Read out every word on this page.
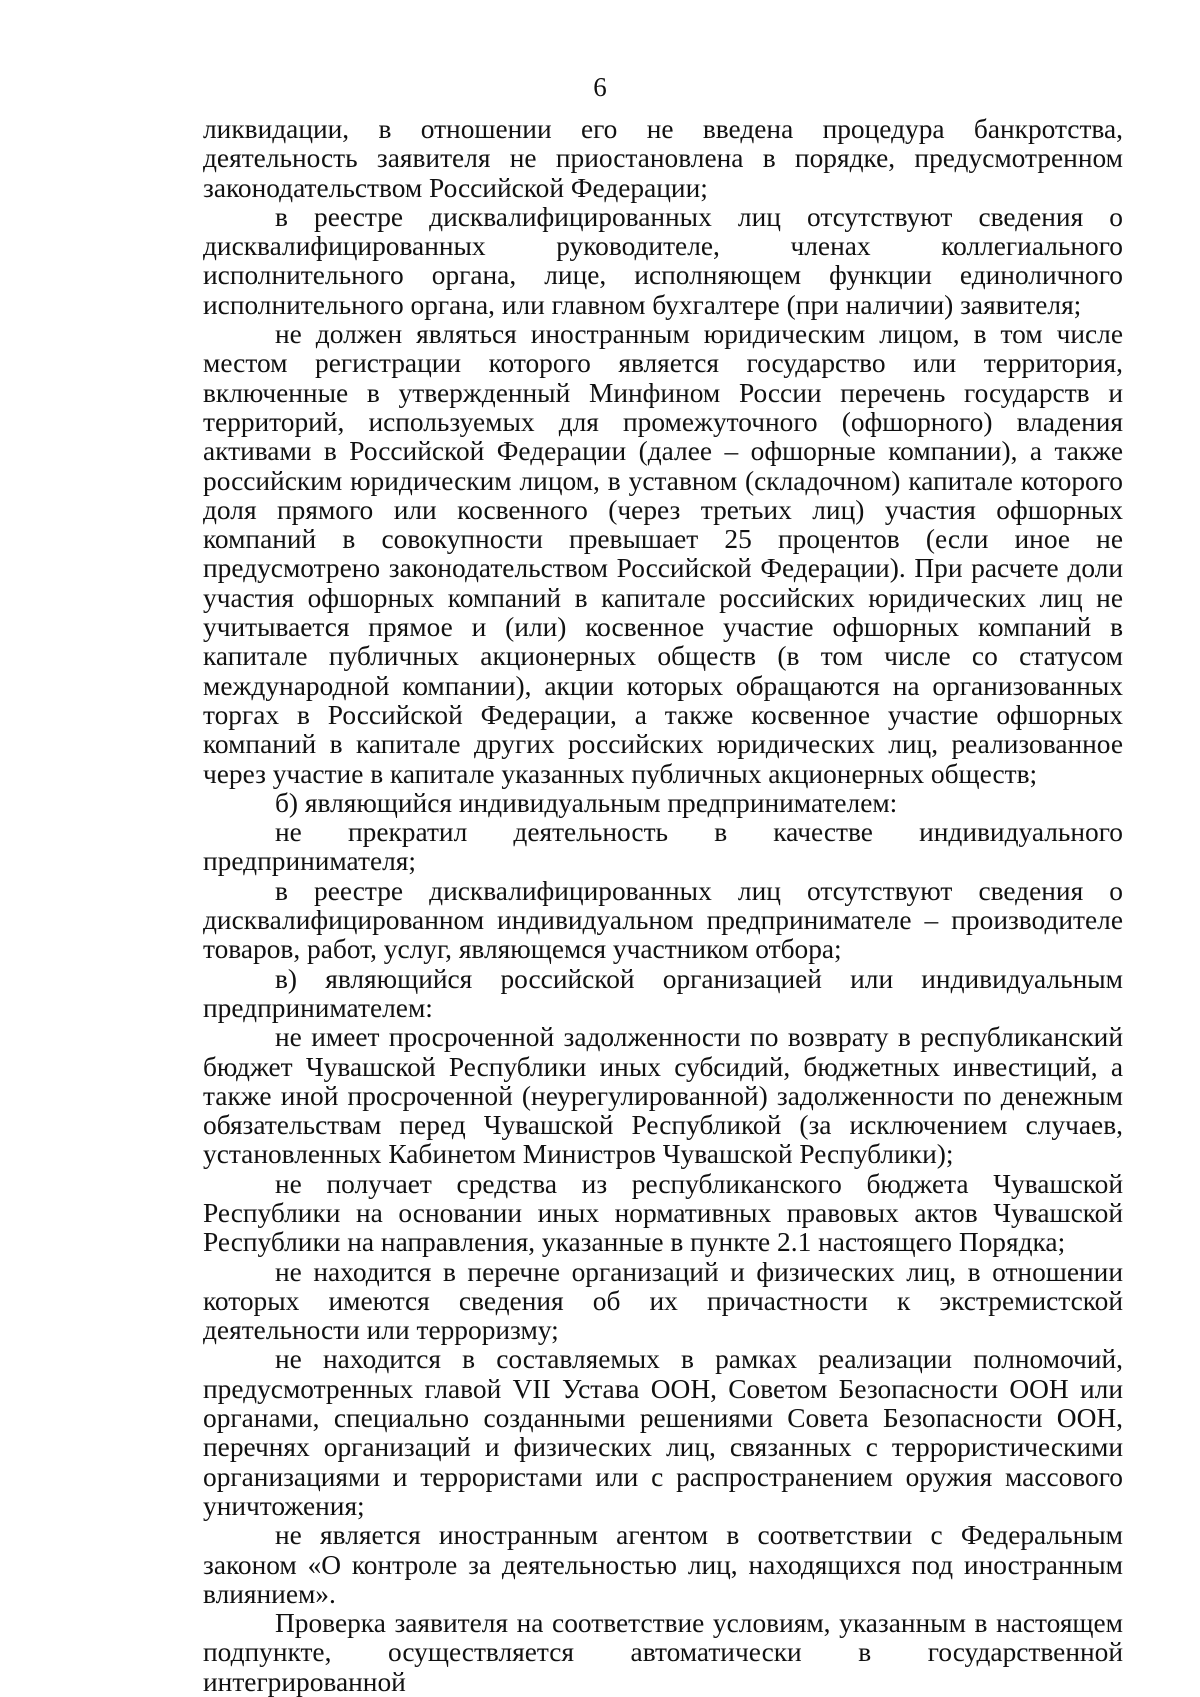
6

ликвидации, в отношении его не введена процедура банкротства, деятельность заявителя не приостановлена в порядке, предусмотренном законодательством Российской Федерации;

в реестре дисквалифицированных лиц отсутствуют сведения о дисквалифицированных руководителе, членах коллегиального исполнительного органа, лице, исполняющем функции единоличного исполнительного органа, или главном бухгалтере (при наличии) заявителя;

не должен являться иностранным юридическим лицом, в том числе местом регистрации которого является государство или территория, включенные в утвержденный Минфином России перечень государств и территорий, используемых для промежуточного (офшорного) владения активами в Российской Федерации (далее – офшорные компании), а также российским юридическим лицом, в уставном (складочном) капитале которого доля прямого или косвенного (через третьих лиц) участия офшорных компаний в совокупности превышает 25 процентов (если иное не предусмотрено законодательством Российской Федерации). При расчете доли участия офшорных компаний в капитале российских юридических лиц не учитывается прямое и (или) косвенное участие офшорных компаний в капитале публичных акционерных обществ (в том числе со статусом международной компании), акции которых обращаются на организованных торгах в Российской Федерации, а также косвенное участие офшорных компаний в капитале других российских юридических лиц, реализованное через участие в капитале указанных публичных акционерных обществ;

б) являющийся индивидуальным предпринимателем:

не прекратил деятельность в качестве индивидуального предпринимателя;

в реестре дисквалифицированных лиц отсутствуют сведения о дисквалифицированном индивидуальном предпринимателе – производителе товаров, работ, услуг, являющемся участником отбора;

в) являющийся российской организацией или индивидуальным предпринимателем:

не имеет просроченной задолженности по возврату в республиканский бюджет Чувашской Республики иных субсидий, бюджетных инвестиций, а также иной просроченной (неурегулированной) задолженности по денежным обязательствам перед Чувашской Республикой (за исключением случаев, установленных Кабинетом Министров Чувашской Республики);

не получает средства из республиканского бюджета Чувашской Республики на основании иных нормативных правовых актов Чувашской Республики на направления, указанные в пункте 2.1 настоящего Порядка;

не находится в перечне организаций и физических лиц, в отношении которых имеются сведения об их причастности к экстремистской деятельности или терроризму;

не находится в составляемых в рамках реализации полномочий, предусмотренных главой VII Устава ООН, Советом Безопасности ООН или органами, специально созданными решениями Совета Безопасности ООН, перечнях организаций и физических лиц, связанных с террористическими организациями и террористами или с распространением оружия массового уничтожения;

не является иностранным агентом в соответствии с Федеральным законом «О контроле за деятельностью лиц, находящихся под иностранным влиянием».

Проверка заявителя на соответствие условиям, указанным в настоящем подпункте, осуществляется автоматически в государственной интегрированной
